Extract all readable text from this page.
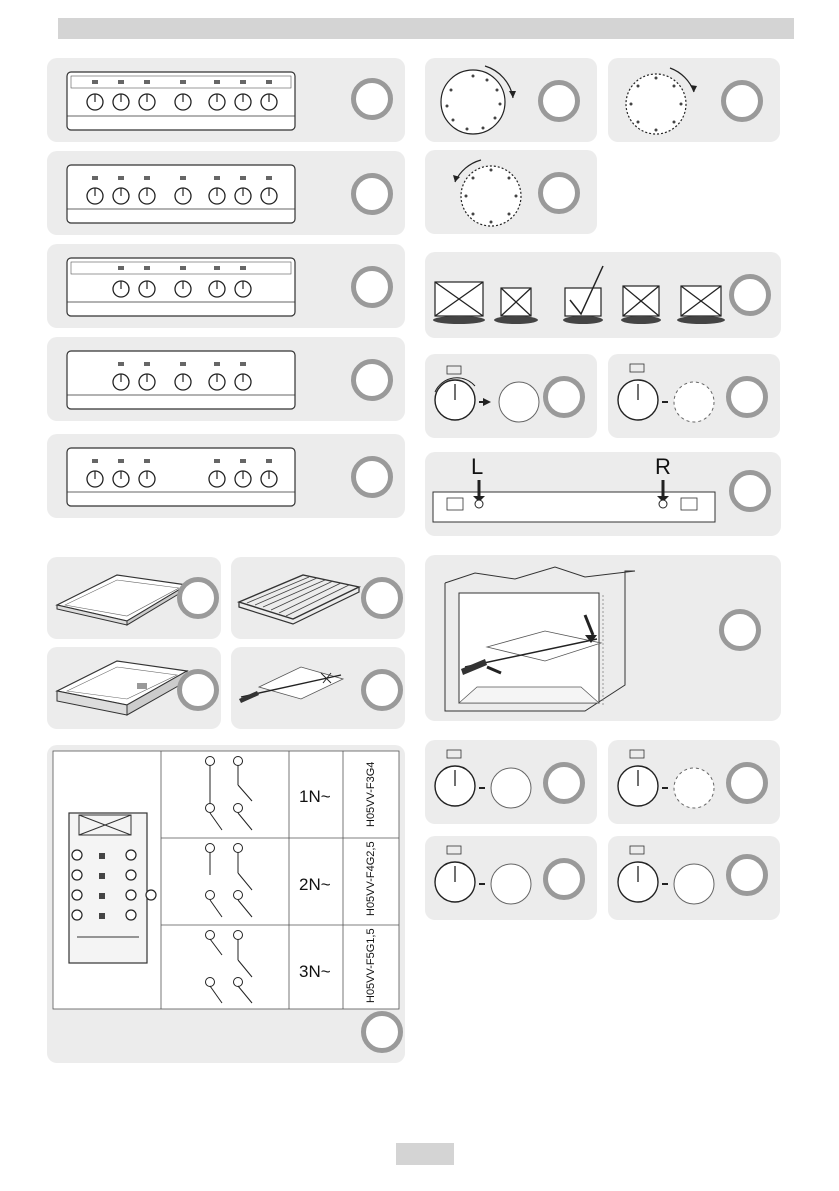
1N~
2N~
3N~
H05VV-F3G4
H05VV-F4G2,5
H05VV-F5G1,5
L	R
